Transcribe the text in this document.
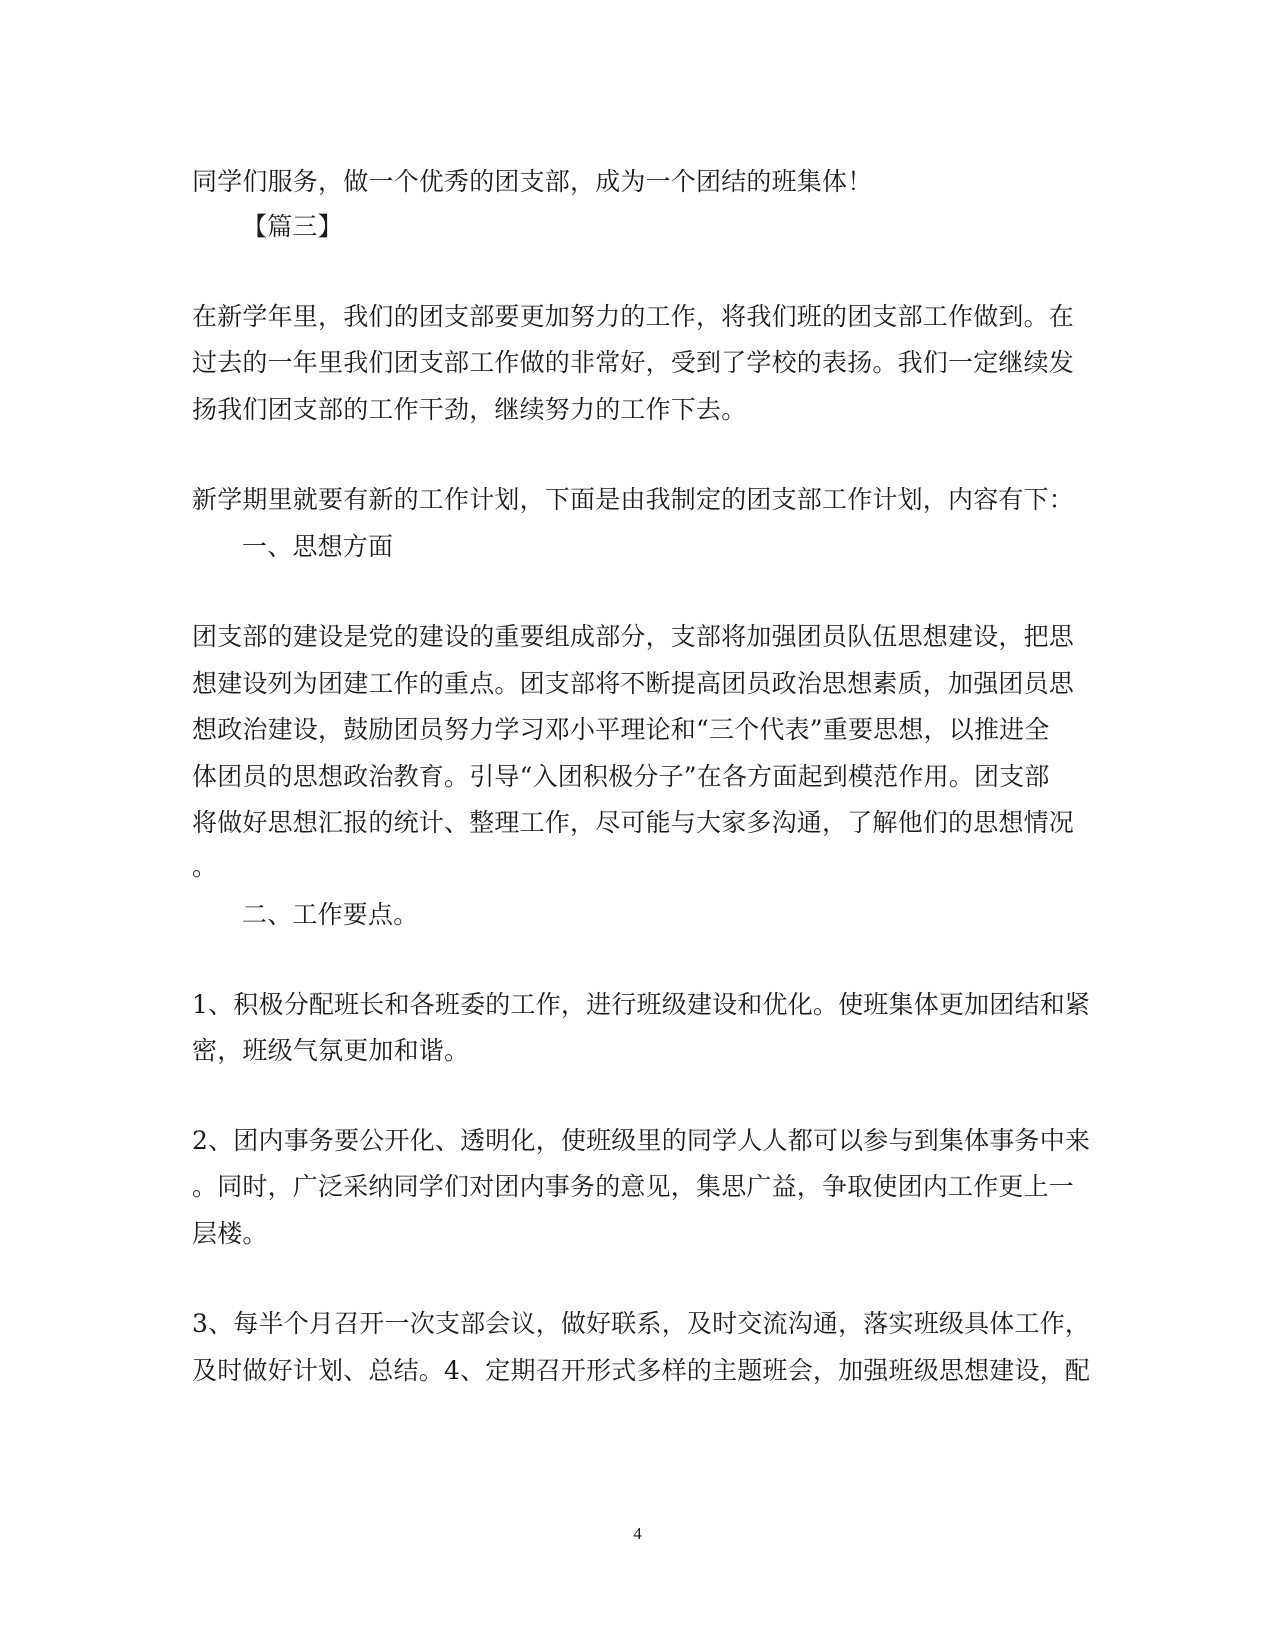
同学们服务，做一个优秀的团支部，成为一个团结的班集体！
【篇三】
在新学年里，我们的团支部要更加努力的工作，将我们班的团支部工作做到。在
过去的一年里我们团支部工作做的非常好，受到了学校的表扬。我们一定继续发
扬我们团支部的工作干劲，继续努力的工作下去。
新学期里就要有新的工作计划，下面是由我制定的团支部工作计划，内容有下：
一、思想方面
团支部的建设是党的建设的重要组成部分，支部将加强团员队伍思想建设，把思
想建设列为团建工作的重点。团支部将不断提高团员政治思想素质，加强团员思
想政治建设，鼓励团员努力学习邓小平理论和“三个代表”重要思想，以推进全
体团员的思想政治教育。引导“入团积极分子”在各方面起到模范作用。团支部
将做好思想汇报的统计、整理工作，尽可能与大家多沟通，了解他们的思想情况
。
二、工作要点。
1、积极分配班长和各班委的工作，进行班级建设和优化。使班集体更加团结和紧
密，班级气氛更加和谐。
2、团内事务要公开化、透明化，使班级里的同学人人都可以参与到集体事务中来
。同时，广泛采纳同学们对团内事务的意见，集思广益，争取使团内工作更上一
层楼。
3、每半个月召开一次支部会议，做好联系，及时交流沟通，落实班级具体工作，
及时做好计划、总结。4、定期召开形式多样的主题班会，加强班级思想建设，配
4
